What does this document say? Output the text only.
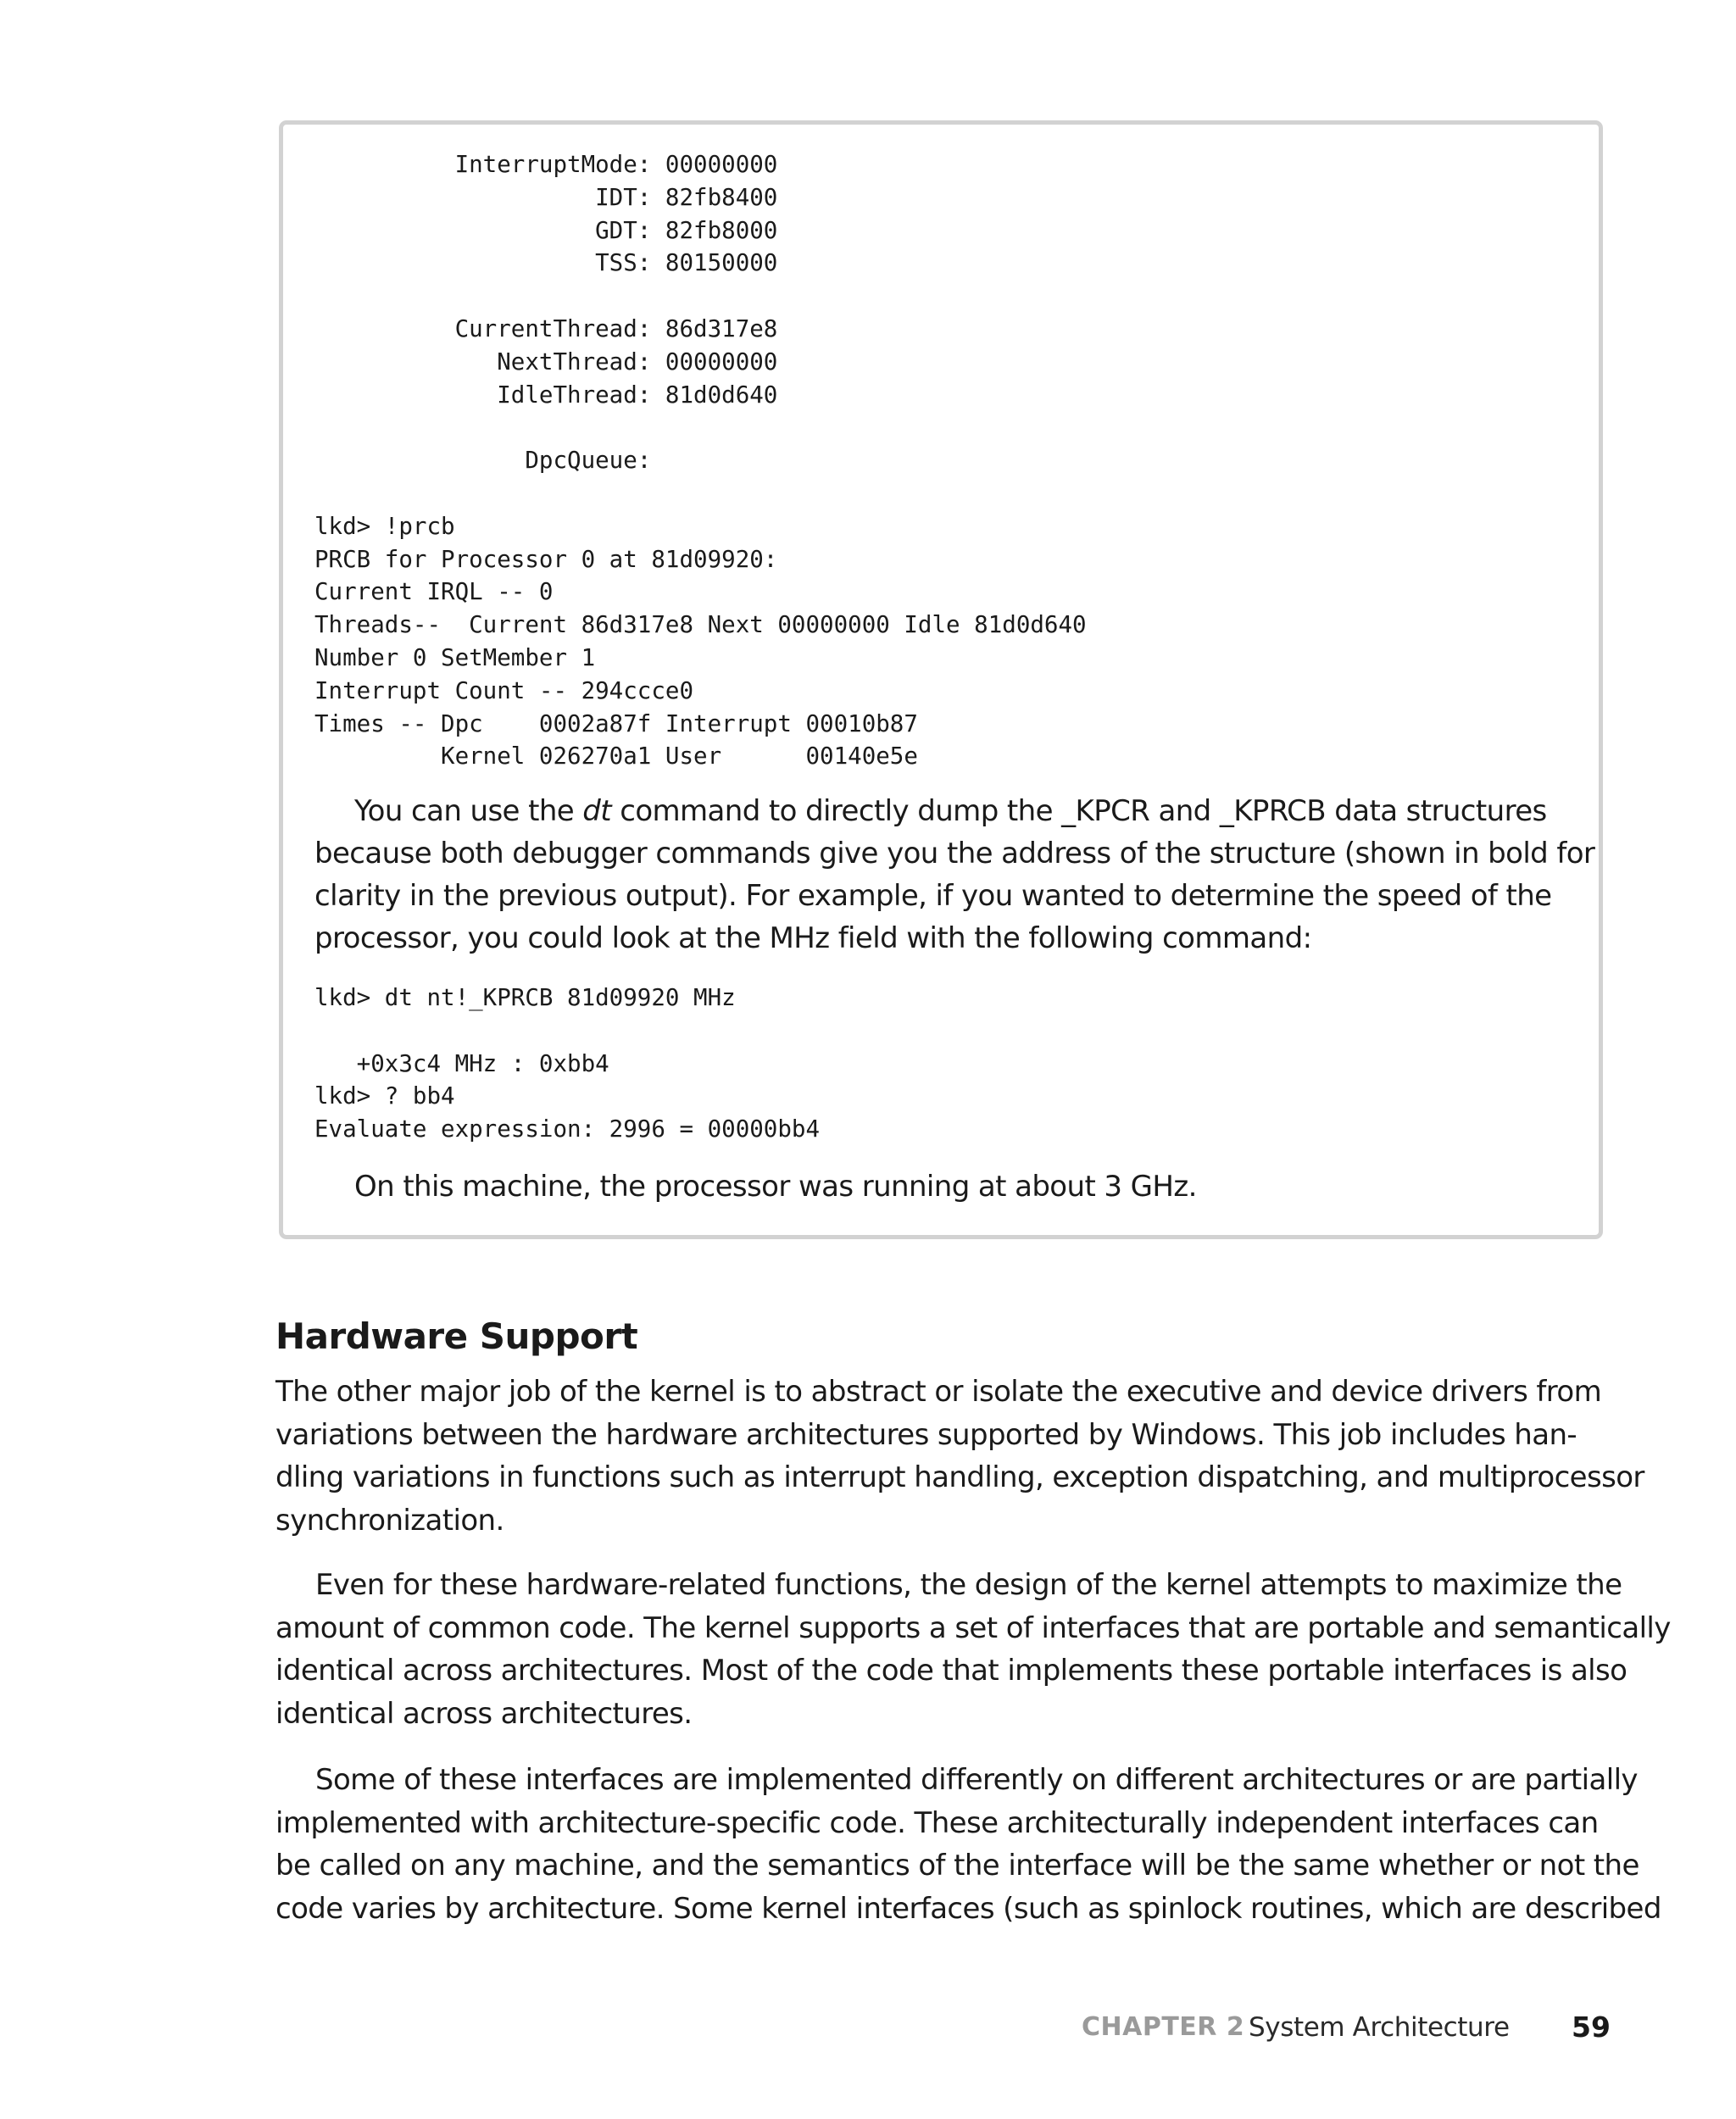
InterruptMode: 00000000
IDT: 82fb8400
GDT: 82fb8000
TSS: 80150000

CurrentThread: 86d317e8
NextThread: 00000000
IdleThread: 81d0d640

DpcQueue:

lkd> !prcb
PRCB for Processor 0 at 81d09920:
Current IRQL -- 0
Threads--  Current 86d317e8 Next 00000000 Idle 81d0d640
Number 0 SetMember 1
Interrupt Count -- 294ccce0
Times -- Dpc    0002a87f Interrupt 00010b87
Kernel 026270a1 User      00140e5e

You can use the dt command to directly dump the _KPCR and _KPRCB data structures
because both debugger commands give you the address of the structure (shown in bold for
clarity in the previous output). For example, if you wanted to determine the speed of the
processor, you could look at the MHz field with the following command:

lkd> dt nt!_KPRCB 81d09920 MHz

+0x3c4 MHz : 0xbb4
lkd> ? bb4
Evaluate expression: 2996 = 00000bb4

On this machine, the processor was running at about 3 GHz.

Hardware Support

The other major job of the kernel is to abstract or isolate the executive and device drivers from
variations between the hardware architectures supported by Windows. This job includes han-
dling variations in functions such as interrupt handling, exception dispatching, and multiprocessor
synchronization.

Even for these hardware-related functions, the design of the kernel attempts to maximize the
amount of common code. The kernel supports a set of interfaces that are portable and semantically
identical across architectures. Most of the code that implements these portable interfaces is also
identical across architectures.

Some of these interfaces are implemented differently on different architectures or are partially
implemented with architecture-specific code. These architecturally independent interfaces can
be called on any machine, and the semantics of the interface will be the same whether or not the
code varies by architecture. Some kernel interfaces (such as spinlock routines, which are described

CHAPTER 2 System Architecture 59
